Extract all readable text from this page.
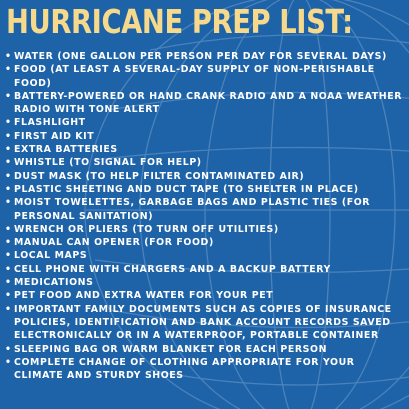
HURRICANE PREP LIST:
• WATER (ONE GALLON PER PERSON PER DAY FOR SEVERAL DAYS)
• FOOD (AT LEAST A SEVERAL-DAY SUPPLY OF NON-PERISHABLE FOOD)
• BATTERY-POWERED OR HAND CRANK RADIO AND A NOAA WEATHER RADIO WITH TONE ALERT
• FLASHLIGHT
• FIRST AID KIT
• EXTRA BATTERIES
• WHISTLE (TO SIGNAL FOR HELP)
• DUST MASK (TO HELP FILTER CONTAMINATED AIR)
• PLASTIC SHEETING AND DUCT TAPE (TO SHELTER IN PLACE)
• MOIST TOWELETTES, GARBAGE BAGS AND PLASTIC TIES (FOR PERSONAL SANITATION)
• WRENCH OR PLIERS (TO TURN OFF UTILITIES)
• MANUAL CAN OPENER (FOR FOOD)
• LOCAL MAPS
• CELL PHONE WITH CHARGERS AND A BACKUP BATTERY
• MEDICATIONS
• PET FOOD AND EXTRA WATER FOR YOUR PET
• IMPORTANT FAMILY DOCUMENTS SUCH AS COPIES OF INSURANCE POLICIES, IDENTIFICATION AND BANK ACCOUNT RECORDS SAVED ELECTRONICALLY OR IN A WATERPROOF, PORTABLE CONTAINER
• SLEEPING BAG OR WARM BLANKET FOR EACH PERSON
• COMPLETE CHANGE OF CLOTHING APPROPRIATE FOR YOUR CLIMATE AND STURDY SHOES
